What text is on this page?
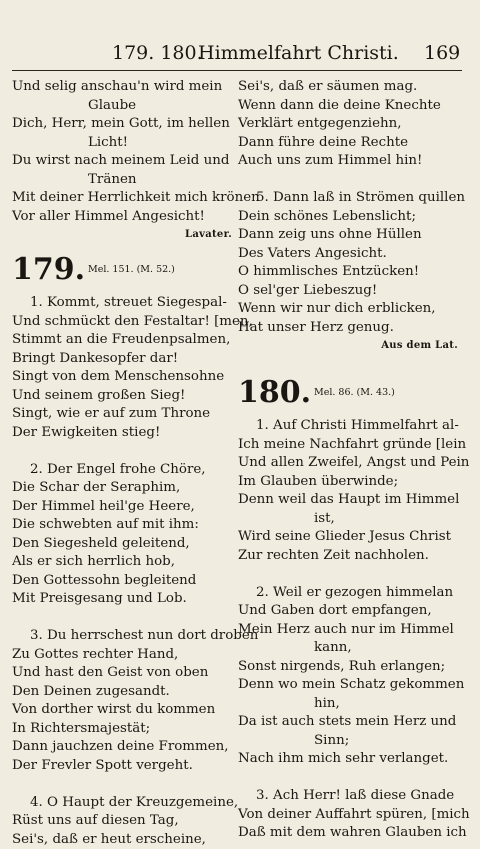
179. 180.
Himmelfahrt Christi. 169
Und selig anschau'n wird mein
Glaube
Dich, Herr, mein Gott, im hellen
Licht!
Du wirst nach meinem Leid und
Tränen
Mit deiner Herrlichkeit mich krönen
Vor aller Himmel Angesicht!
Lavater.
179. Mel. 151. (M. 52.)
1. Kommt, streuet Siegespal-
Und schmückt den Festaltar! [men,
Stimmt an die Freudenpsalmen,
Bringt Dankesopfer dar!
Singt von dem Menschensohne
Und seinem großen Sieg!
Singt, wie er auf zum Throne
Der Ewigkeiten stieg!
2. Der Engel frohe Chöre,
Die Schar der Seraphim,
Der Himmel heil'ge Heere,
Die schwebten auf mit ihm:
Den Siegesheld geleitend,
Als er sich herrlich hob,
Den Gottessohn begleitend
Mit Preisgesang und Lob.
3. Du herrschest nun dort droben
Zu Gottes rechter Hand,
Und hast den Geist von oben
Den Deinen zugesandt.
Von dorther wirst du kommen
In Richtersmajestät;
Dann jauchzen deine Frommen,
Der Frevler Spott vergeht.
4. O Haupt der Kreuzgemeine,
Rüst uns auf diesen Tag,
Sei's, daß er heut erscheine,
Sei's, daß er säumen mag.
Wenn dann die deine Knechte
Verklärt entgegenziehn,
Dann führe deine Rechte
Auch uns zum Himmel hin!
5. Dann laß in Strömen quillen
Dein schönes Lebenslicht;
Dann zeig uns ohne Hüllen
Des Vaters Angesicht.
O himmlisches Entzücken!
O sel'ger Liebeszug!
Wenn wir nur dich erblicken,
Hat unser Herz genug.
Aus dem Lat.
180. Mel. 86. (M. 43.)
1. Auf Christi Himmelfahrt al-
Ich meine Nachfahrt gründe [lein
Und allen Zweifel, Angst und Pein
Im Glauben überwinde;
Denn weil das Haupt im Himmel
ist,
Wird seine Glieder Jesus Christ
Zur rechten Zeit nachholen.
2. Weil er gezogen himmelan
Und Gaben dort empfangen,
Mein Herz auch nur im Himmel
kann,
Sonst nirgends, Ruh erlangen;
Denn wo mein Schatz gekommen
hin,
Da ist auch stets mein Herz und
Sinn;
Nach ihm mich sehr verlanget.
3. Ach Herr! laß diese Gnade
Von deiner Auffahrt spüren, [mich
Daß mit dem wahren Glauben ich
